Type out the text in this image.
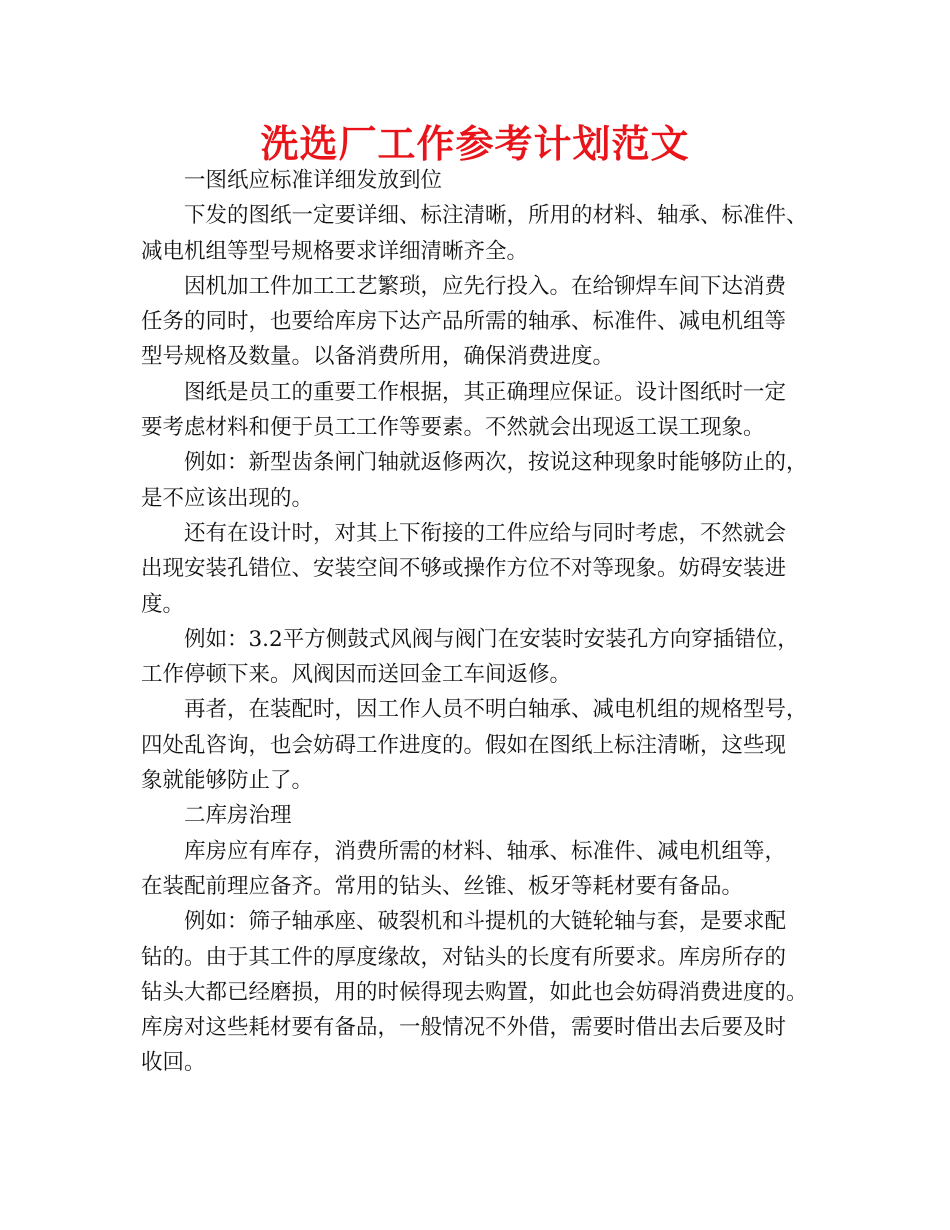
洗选厂工作参考计划范文
一图纸应标准详细发放到位
下发的图纸一定要详细、标注清晰，所用的材料、轴承、标准件、
减电机组等型号规格要求详细清晰齐全。
因机加工件加工工艺繁琐，应先行投入。在给铆焊车间下达消费
任务的同时，也要给库房下达产品所需的轴承、标准件、减电机组等
型号规格及数量。以备消费所用，确保消费进度。
图纸是员工的重要工作根据，其正确理应保证。设计图纸时一定
要考虑材料和便于员工工作等要素。不然就会出现返工误工现象。
例如：新型齿条闸门轴就返修两次，按说这种现象时能够防止的，
是不应该出现的。
还有在设计时，对其上下衔接的工件应给与同时考虑，不然就会
出现安装孔错位、安装空间不够或操作方位不对等现象。妨碍安装进
度。
例如：3.2平方侧鼓式风阀与阀门在安装时安装孔方向穿插错位，
工作停顿下来。风阀因而送回金工车间返修。
再者，在装配时，因工作人员不明白轴承、减电机组的规格型号，
四处乱咨询，也会妨碍工作进度的。假如在图纸上标注清晰，这些现
象就能够防止了。
二库房治理
库房应有库存，消费所需的材料、轴承、标准件、减电机组等，
在装配前理应备齐。常用的钻头、丝锥、板牙等耗材要有备品。
例如：筛子轴承座、破裂机和斗提机的大链轮轴与套，是要求配
钻的。由于其工件的厚度缘故，对钻头的长度有所要求。库房所存的
钻头大都已经磨损，用的时候得现去购置，如此也会妨碍消费进度的。
库房对这些耗材要有备品，一般情况不外借，需要时借出去后要及时
收回。
